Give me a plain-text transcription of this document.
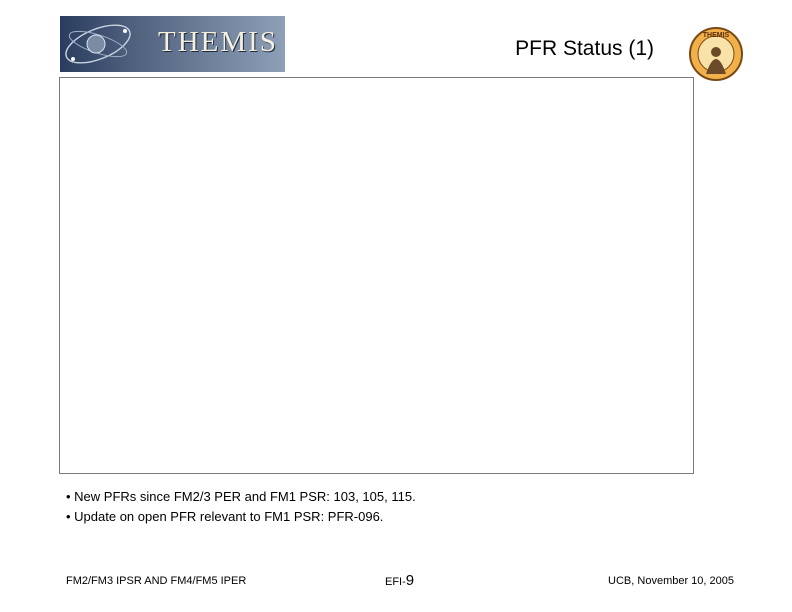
THEMIS	PFR Status (1)
THEMIS
• New PFRs since FM2/3 PER and FM1 PSR: 103, 105, 115.
• Update on open PFR relevant to FM1 PSR: PFR-096.
FM2/FM3 IPSR AND FM4/FM5 IPER	EFI-9	UCB, November 10, 2005
